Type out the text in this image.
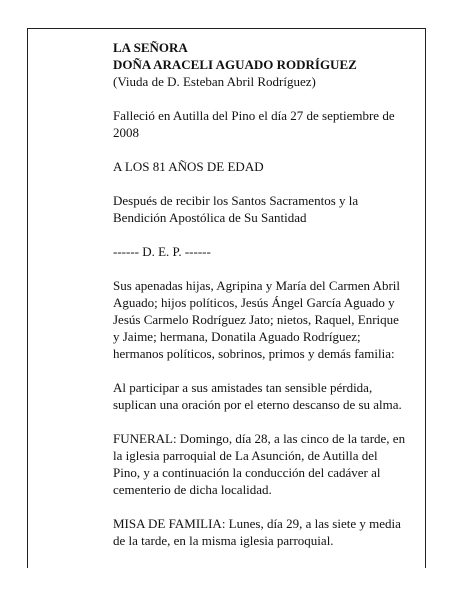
LA SEÑORA
DOÑA ARACELI AGUADO RODRÍGUEZ
(Viuda de D. Esteban Abril Rodríguez)
Falleció en Autilla del Pino el día 27 de septiembre de
2008
A LOS 81 AÑOS DE EDAD
Después de recibir los Santos Sacramentos y la
Bendición Apostólica de Su Santidad
------ D. E. P. ------
Sus apenadas hijas, Agripina y María del Carmen Abril
Aguado; hijos políticos, Jesús Ángel García Aguado y
Jesús Carmelo Rodríguez Jato; nietos, Raquel, Enrique
y Jaime; hermana, Donatila Aguado Rodríguez;
hermanos políticos, sobrinos, primos y demás familia:
Al participar a sus amistades tan sensible pérdida,
suplican una oración por el eterno descanso de su alma.
FUNERAL: Domingo, día 28, a las cinco de la tarde, en
la iglesia parroquial de La Asunción, de Autilla del
Pino, y a continuación la conducción del cadáver al
cementerio de dicha localidad.
MISA DE FAMILIA: Lunes, día 29, a las siete y media
de la tarde, en la misma iglesia parroquial.
